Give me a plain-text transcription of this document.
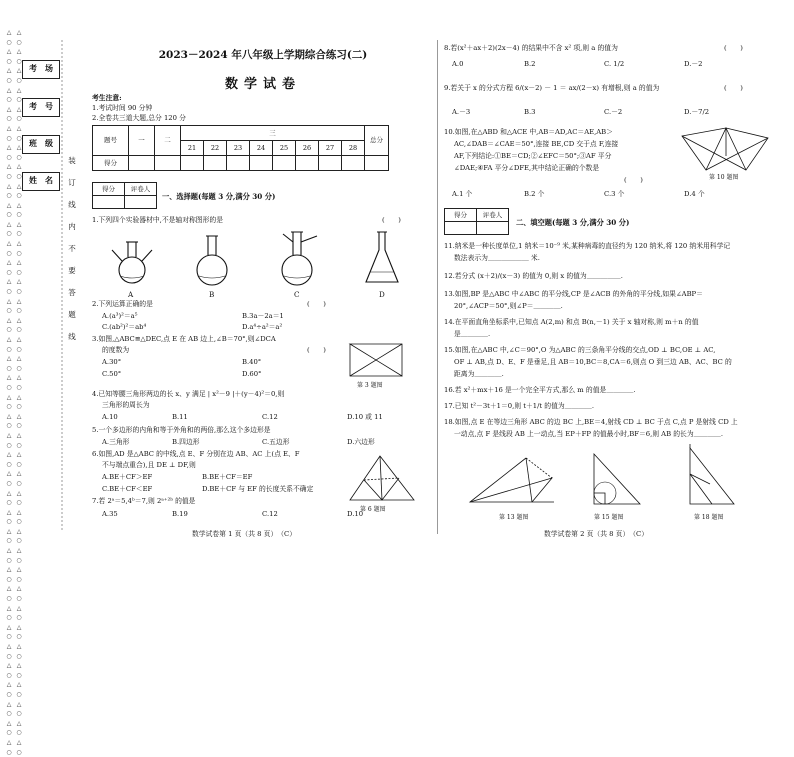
△
○
△
○
△
○
△
○
△
○
△
○
△
○
△
○
△
○
△
○
△
○
△
○
△
○
△
○
△
○
△
○
△
○
△
○
△
○
△
○
△
○
△
○
△
○
△
○
△
○
△
○
△
○
△
○
△
○
△
○
△
○
△
○
△
○
△
○
△
○
△
○
△
○
△
○
△
○
△
○
△
○
△
○
△
○
△
○
△
○
△
○
△
○
△
○
△
○
△
○
△
○
△
○
△
○
△
○
△
○
△
○
△
○
△
○
△
○
△
○
△
○
△
○
△
○
△
○
△
○
△
○
△
○
△
○
△
○
△
○
△
○
△
○
△
○
△
○
△
○
△
○
考　场
考　号
班　级
姓　名
装
订
线
内
不
要
答
题
线
2023－2024 年八年级上学期综合练习(二)
数学试卷
考生注意:
1.考试时间 90 分钟
2.全卷共三道大题,总分 120 分
题号	一	二	三								总分
			21	22	23	24	25	26	27	28	
得分											
得分	评卷人

一、选择题(每题 3 分,满分 30 分)
1.下列四个实验器材中,不是轴对称图形的是	(　　)
A	B	C	D
2.下列运算正确的是	(　　)
A.(a³)²＝a⁵	B.3a－2a＝1
C.(ab²)²＝ab⁴	D.a⁴÷a²＝a²
3.如图,△ABC≌△DEC,点 E 在 AB 边上,∠B＝70°,则∠DCA
的度数为	(　　)
A.30°	B.40°
C.50°	D.60°
第 3 题图
4.已知等腰三角形两边的长 x、y 满足 | x²－9 |＋(y－4)²＝0,则
三角形的周长为
A.10	B.11	C.12	D.10 或 11
5.一个多边形的内角和等于外角和的两倍,那么这个多边形是
A.三角形	B.四边形	C.五边形	D.六边形
6.如图,AD 是△ABC 的中线,点 E、F 分别在边 AB、AC 上(点 E、F
不与端点重合),且 DE ⊥ DF,则
A.BE＋CF＞EF	B.BE＋CF＝EF
C.BE＋CF＜EF	D.BE＋CF 与 EF 的长度关系不确定
第 6 题图
7.若 2ᵃ＝5,4ᵇ＝7,则 2ᵃ⁺²ᵇ 的值是
A.35	B.19	C.12	D.10
数学试卷第 1 页（共 8 页）　（C）
8.若(x²＋ax＋2)(2x－4) 的结果中不含 x² 项,则 a 的值为	(　　)
A.0	B.2	C. 1/2	D.－2
9.若关于 x 的分式方程 6/(x－2) － 1 ＝ ax/(2－x) 有增根,则 a 的值为	(　　)
A.－3	B.3	C.－2	D.－7/2
10.如图,在△ABD 和△ACE 中,AB＝AD,AC＝AE,AB＞
AC,∠DAB＝∠CAE＝50°,连接 BE,CD 交于点 F,连接
AF,下列结论:①BE＝CD;②∠EFC＝50°;③AF 平分
∠DAE;④FA 平分∠DFE,其中结论正确的个数是
(　　)
A.1 个	B.2 个	C.3 个	D.4 个
第 10 题图
得分	评卷人

二、填空题(每题 3 分,满分 30 分)
11.纳米是一种长度单位,1 纳米＝10⁻⁹ 米,某种病毒的直径约为 120 纳米,将 120 纳米用科学记
数法表示为＿＿＿＿＿＿ 米.
12.若分式 (x＋2)/(x－3) 的值为 0,则 x 的值为＿＿＿＿＿.
13.如图,BP 是△ABC 中∠ABC 的平分线,CP 是∠ACB 的外角的平分线,如果∠ABP＝
20°,∠ACP＝50°,则∠P＝＿＿＿＿.
14.在平面直角坐标系中,已知点 A(2,m) 和点 B(n,－1) 关于 x 轴对称,则 m＋n 的值
是＿＿＿＿.
15.如图,在△ABC 中,∠C＝90°,O 为△ABC 的三条角平分线的交点,OD ⊥ BC,OE ⊥ AC,
OF ⊥ AB,点 D、E、F 是垂足,且 AB＝10,BC＝8,CA＝6,则点 O 到三边 AB、AC、BC 的
距离为＿＿＿＿.
16.若 x²＋mx＋16 是一个完全平方式,那么 m 的值是＿＿＿＿.
17.已知 t²－3t＋1＝0,则 t＋1/t 的值为＿＿＿＿.
18.如图,点 E 在等边三角形 ABC 的边 BC 上,BE＝4,射线 CD ⊥ BC 于点 C,点 P 是射线 CD 上
一动点,点 F 是线段 AB 上一动点,当 EP＋FP 的值最小时,BF＝6,则 AB 的长为＿＿＿＿.
第 13 题图	第 15 题图	第 18 题图
数学试卷第 2 页（共 8 页）　（C）
